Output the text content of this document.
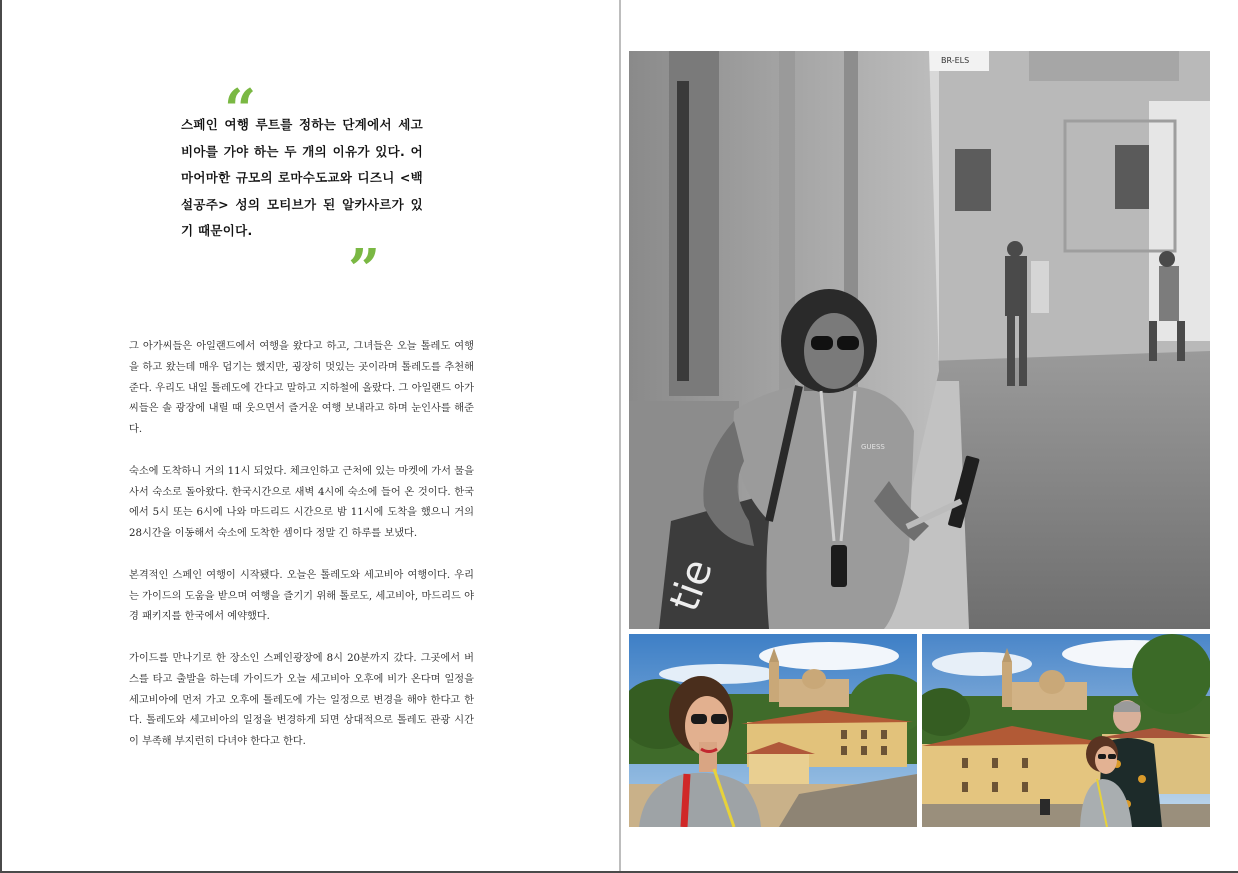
“
스페인 여행 루트를 정하는 단계에서 세고비아를 가야 하는 두 개의 이유가 있다. 어마어마한 규모의 로마수도교와 디즈니 <백설공주> 성의 모티브가 된 알카사르가 있기 때문이다.
”

그 아가씨들은 아일랜드에서 여행을 왔다고 하고, 그녀들은 오늘 톨레도 여행을 하고 왔는데 매우 덥기는 했지만, 굉장히 멋있는 곳이라며 톨레도를 추천해 준다. 우리도 내일 톨레도에 간다고 말하고 지하철에 올랐다. 그 아일랜드 아가씨들은 솔 광장에 내릴 때 웃으면서 즐거운 여행 보내라고 하며 눈인사를 해준다.

숙소에 도착하니 거의 11시 되었다. 체크인하고 근처에 있는 마켓에 가서 물을 사서 숙소로 돌아왔다. 한국시간으로 새벽 4시에 숙소에 들어 온 것이다. 한국에서 5시 또는 6시에 나와 마드리드 시간으로 밤 11시에 도착을 했으니 거의 28시간을 이동해서 숙소에 도착한 셈이다 정말 긴 하루를 보냈다.

본격적인 스페인 여행이 시작됐다. 오늘은 톨레도와 세고비아 여행이다. 우리는 가이드의 도움을 받으며 여행을 즐기기 위해 톨로도, 세고비아, 마드리드 야경 패키지를 한국에서 예약했다.

가이드를 만나기로 한 장소인 스페인광장에 8시 20분까지 갔다. 그곳에서 버스를 타고 출발을 하는데 가이드가 오늘 세고비아 오후에 비가 온다며 일정을 세고비아에 먼저 가고 오후에 톨레도에 가는 일정으로 변경을 해야 한다고 한다. 톨레도와 세고비아의 일정을 변경하게 되면 상대적으로 톨레도 관광 시간이 부족해 부지런히 다녀야 한다고 한다.

BR-ELS
tie
GUESS
